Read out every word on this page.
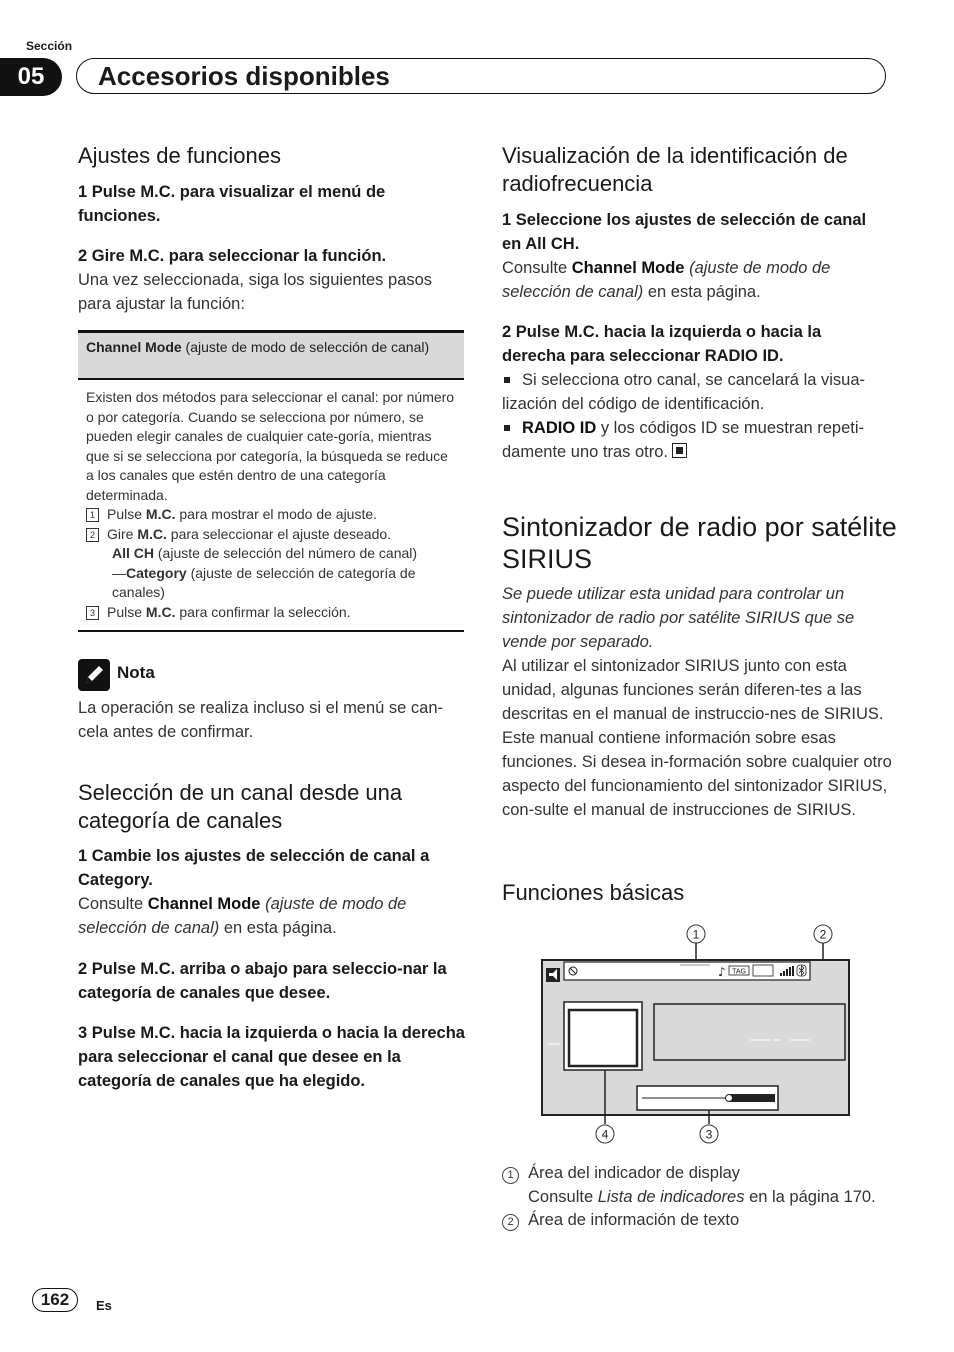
Sección
05	Accesorios disponibles
Ajustes de funciones
1 Pulse M.C. para visualizar el menú de funciones.
2 Gire M.C. para seleccionar la función.
Una vez seleccionada, siga los siguientes pasos para ajustar la función:
Channel Mode (ajuste de modo de selección de canal)

Existen dos métodos para seleccionar el canal: por número o por categoría. Cuando se selecciona por número, se pueden elegir canales de cualquier cate-goría, mientras que si se selecciona por categoría, la búsqueda se reduce a los canales que estén dentro de una categoría determinada.

1 Pulse M.C. para mostrar el modo de ajuste.

2 Gire M.C. para seleccionar el ajuste deseado.

All CH (ajuste de selección del número de canal)

—Category (ajuste de selección de categoría de canales)

3 Pulse M.C. para confirmar la selección.

Nota
La operación se realiza incluso si el menú se can-cela antes de confirmar.
Selección de un canal desde una categoría de canales
1 Cambie los ajustes de selección de canal a Category.
Consulte Channel Mode (ajuste de modo de selección de canal) en esta página.
2 Pulse M.C. arriba o abajo para seleccio-nar la categoría de canales que desee.
3 Pulse M.C. hacia la izquierda o hacia la derecha para seleccionar el canal que desee en la categoría de canales que ha elegido.
Visualización de la identificación de radiofrecuencia
1 Seleccione los ajustes de selección de canal en All CH.
Consulte Channel Mode (ajuste de modo de selección de canal) en esta página.
2 Pulse M.C. hacia la izquierda o hacia la derecha para seleccionar RADIO ID.
Si selecciona otro canal, se cancelará la visua-lización del código de identificación.
RADIO ID y los códigos ID se muestran repeti-damente uno tras otro.
Sintonizador de radio por satélite SIRIUS
Se puede utilizar esta unidad para controlar un sintonizador de radio por satélite SIRIUS que se vende por separado.
Al utilizar el sintonizador SIRIUS junto con esta unidad, algunas funciones serán diferen-tes a las descritas en el manual de instruccio-nes de SIRIUS. Este manual contiene información sobre esas funciones. Si desea in-formación sobre cualquier otro aspecto del funcionamiento del sintonizador SIRIUS, con-sulte el manual de instrucciones de SIRIUS.
Funciones básicas
1	2
♪ TAG
4	3
1 Área del indicador de display
Consulte Lista de indicadores en la página 170.
2 Área de información de texto
162	Es
